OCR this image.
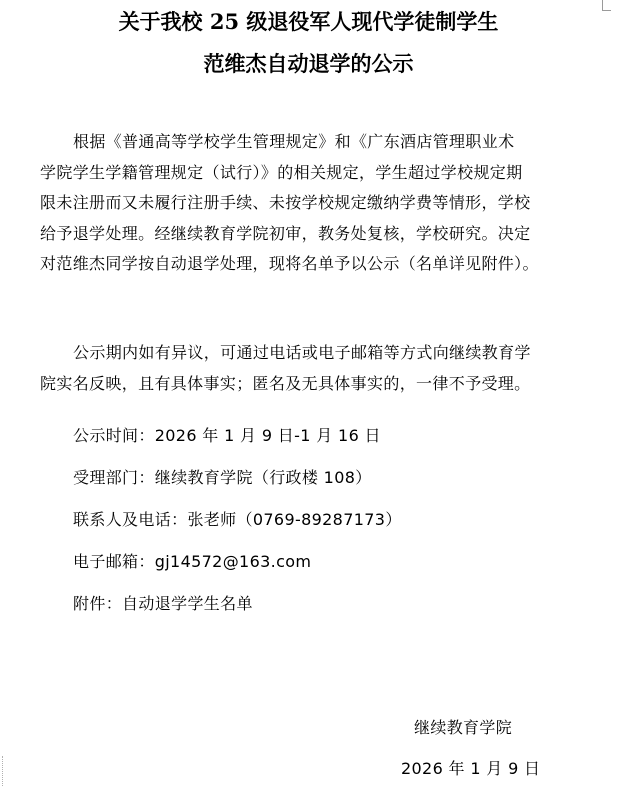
关于我校 25 级退役军人现代学徒制学生
范维杰自动退学的公示
根据《普通高等学校学生管理规定》和《广东酒店管理职业术
学院学生学籍管理规定（试行）》的相关规定，学生超过学校规定期
限未注册而又未履行注册手续、未按学校规定缴纳学费等情形，学校
给予退学处理。经继续教育学院初审，教务处复核，学校研究。决定
对范维杰同学按自动退学处理，现将名单予以公示（名单详见附件）。
公示期内如有异议，可通过电话或电子邮箱等方式向继续教育学
院实名反映，且有具体事实；匿名及无具体事实的，一律不予受理。
公示时间：2026 年 1 月 9 日-1 月 16 日
受理部门：继续教育学院（行政楼 108）
联系人及电话：张老师（0769-89287173）
电子邮箱：gj14572@163.com
附件：自动退学学生名单
继续教育学院
2026 年 1 月 9 日
